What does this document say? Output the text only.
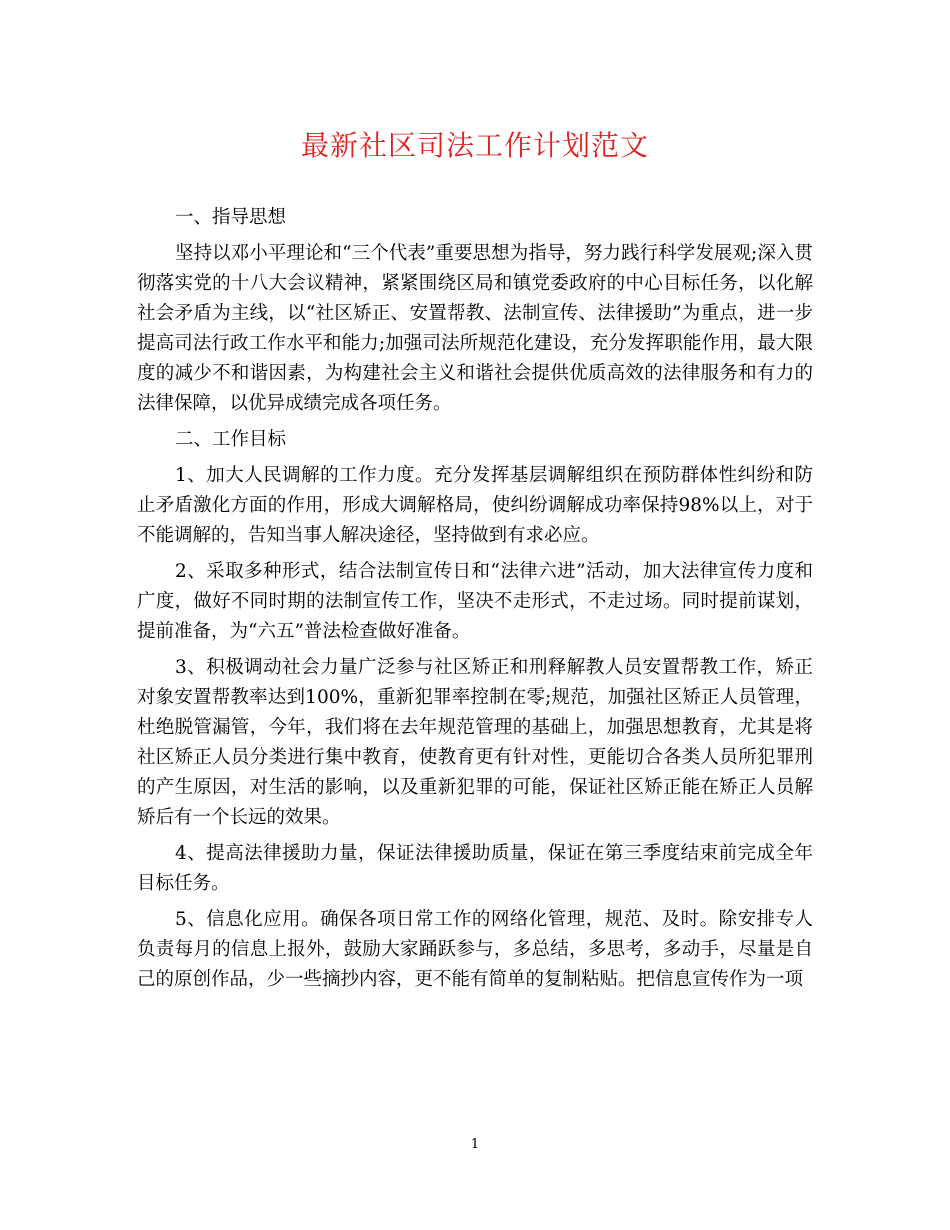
最新社区司法工作计划范文

一、指导思想

坚持以邓小平理论和“三个代表”重要思想为指导，努力践行科学发展观;深入贯彻落实党的十八大会议精神，紧紧围绕区局和镇党委政府的中心目标任务，以化解社会矛盾为主线，以“社区矫正、安置帮教、法制宣传、法律援助”为重点，进一步提高司法行政工作水平和能力;加强司法所规范化建设，充分发挥职能作用，最大限度的减少不和谐因素，为构建社会主义和谐社会提供优质高效的法律服务和有力的法律保障，以优异成绩完成各项任务。

二、工作目标

1、加大人民调解的工作力度。充分发挥基层调解组织在预防群体性纠纷和防止矛盾激化方面的作用，形成大调解格局，使纠纷调解成功率保持98%以上，对于不能调解的，告知当事人解决途径，坚持做到有求必应。

2、采取多种形式，结合法制宣传日和“法律六进”活动，加大法律宣传力度和广度，做好不同时期的法制宣传工作，坚决不走形式，不走过场。同时提前谋划，提前准备，为“六五”普法检查做好准备。

3、积极调动社会力量广泛参与社区矫正和刑释解教人员安置帮教工作，矫正对象安置帮教率达到100%，重新犯罪率控制在零;规范，加强社区矫正人员管理，杜绝脱管漏管，今年，我们将在去年规范管理的基础上，加强思想教育，尤其是将社区矫正人员分类进行集中教育，使教育更有针对性，更能切合各类人员所犯罪刑的产生原因，对生活的影响，以及重新犯罪的可能，保证社区矫正能在矫正人员解矫后有一个长远的效果。

4、提高法律援助力量，保证法律援助质量，保证在第三季度结束前完成全年目标任务。

5、信息化应用。确保各项日常工作的网络化管理，规范、及时。除安排专人负责每月的信息上报外，鼓励大家踊跃参与，多总结，多思考，多动手，尽量是自己的原创作品，少一些摘抄内容，更不能有简单的复制粘贴。把信息宣传作为一项

1
